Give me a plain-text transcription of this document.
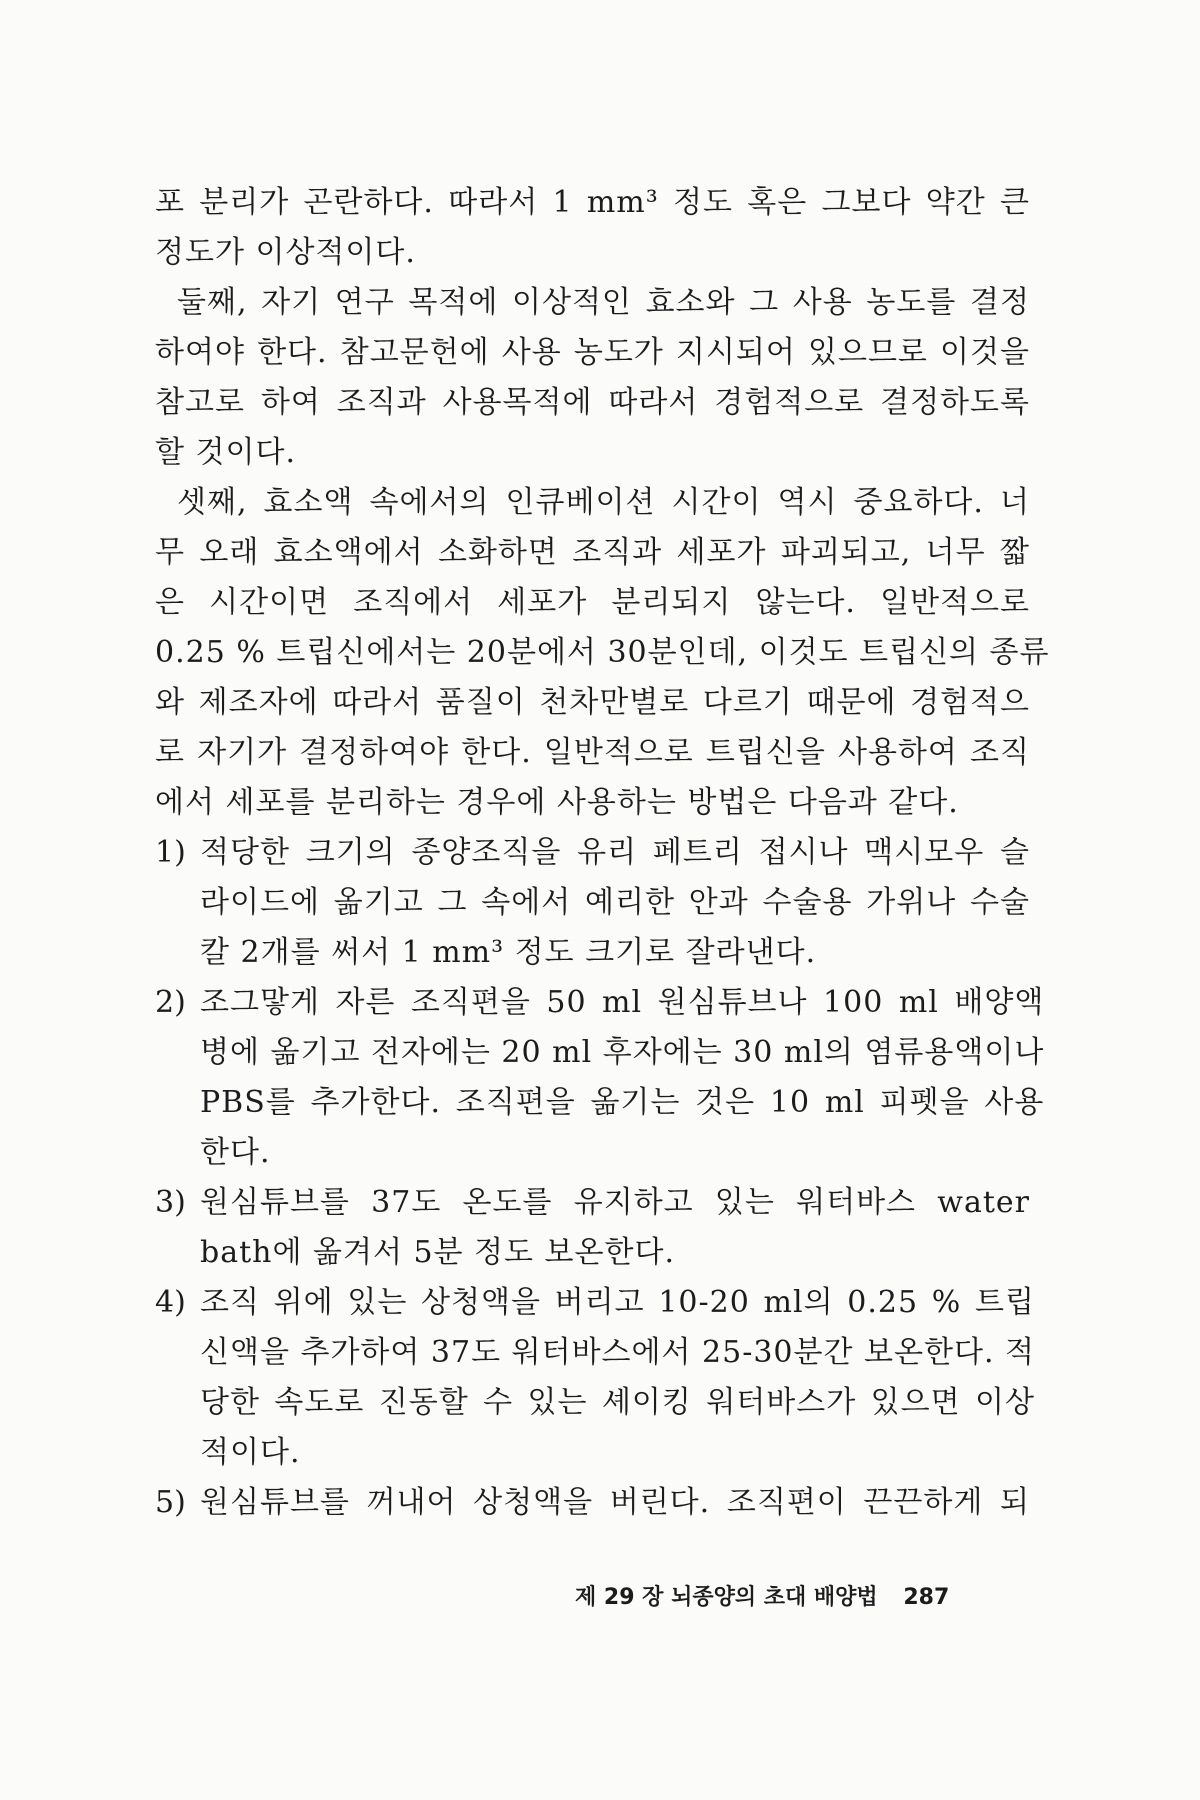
포 분리가 곤란하다. 따라서 1 mm³ 정도 혹은 그보다 약간 큰
정도가 이상적이다.
둘째, 자기 연구 목적에 이상적인 효소와 그 사용 농도를 결정
하여야 한다. 참고문헌에 사용 농도가 지시되어 있으므로 이것을
참고로 하여 조직과 사용목적에 따라서 경험적으로 결정하도록
할 것이다.
셋째, 효소액 속에서의 인큐베이션 시간이 역시 중요하다. 너
무 오래 효소액에서 소화하면 조직과 세포가 파괴되고, 너무 짧
은 시간이면 조직에서 세포가 분리되지 않는다. 일반적으로
0.25 % 트립신에서는 20분에서 30분인데, 이것도 트립신의 종류
와 제조자에 따라서 품질이 천차만별로 다르기 때문에 경험적으
로 자기가 결정하여야 한다. 일반적으로 트립신을 사용하여 조직
에서 세포를 분리하는 경우에 사용하는 방법은 다음과 같다.
1) 적당한 크기의 종양조직을 유리 페트리 접시나 맥시모우 슬
라이드에 옮기고 그 속에서 예리한 안과 수술용 가위나 수술
칼 2개를 써서 1 mm³ 정도 크기로 잘라낸다.
2) 조그맣게 자른 조직편을 50 ml 원심튜브나 100 ml 배양액
병에 옮기고 전자에는 20 ml 후자에는 30 ml의 염류용액이나
PBS를 추가한다. 조직편을 옮기는 것은 10 ml 피펫을 사용
한다.
3) 원심튜브를 37도 온도를 유지하고 있는 워터바스 water
bath에 옮겨서 5분 정도 보온한다.
4) 조직 위에 있는 상청액을 버리고 10-20 ml의 0.25 % 트립
신액을 추가하여 37도 워터바스에서 25-30분간 보온한다. 적
당한 속도로 진동할 수 있는 셰이킹 워터바스가 있으면 이상
적이다.
5) 원심튜브를 꺼내어 상청액을 버린다. 조직편이 끈끈하게 되
제 29 장 뇌종양의 초대 배양법 287
